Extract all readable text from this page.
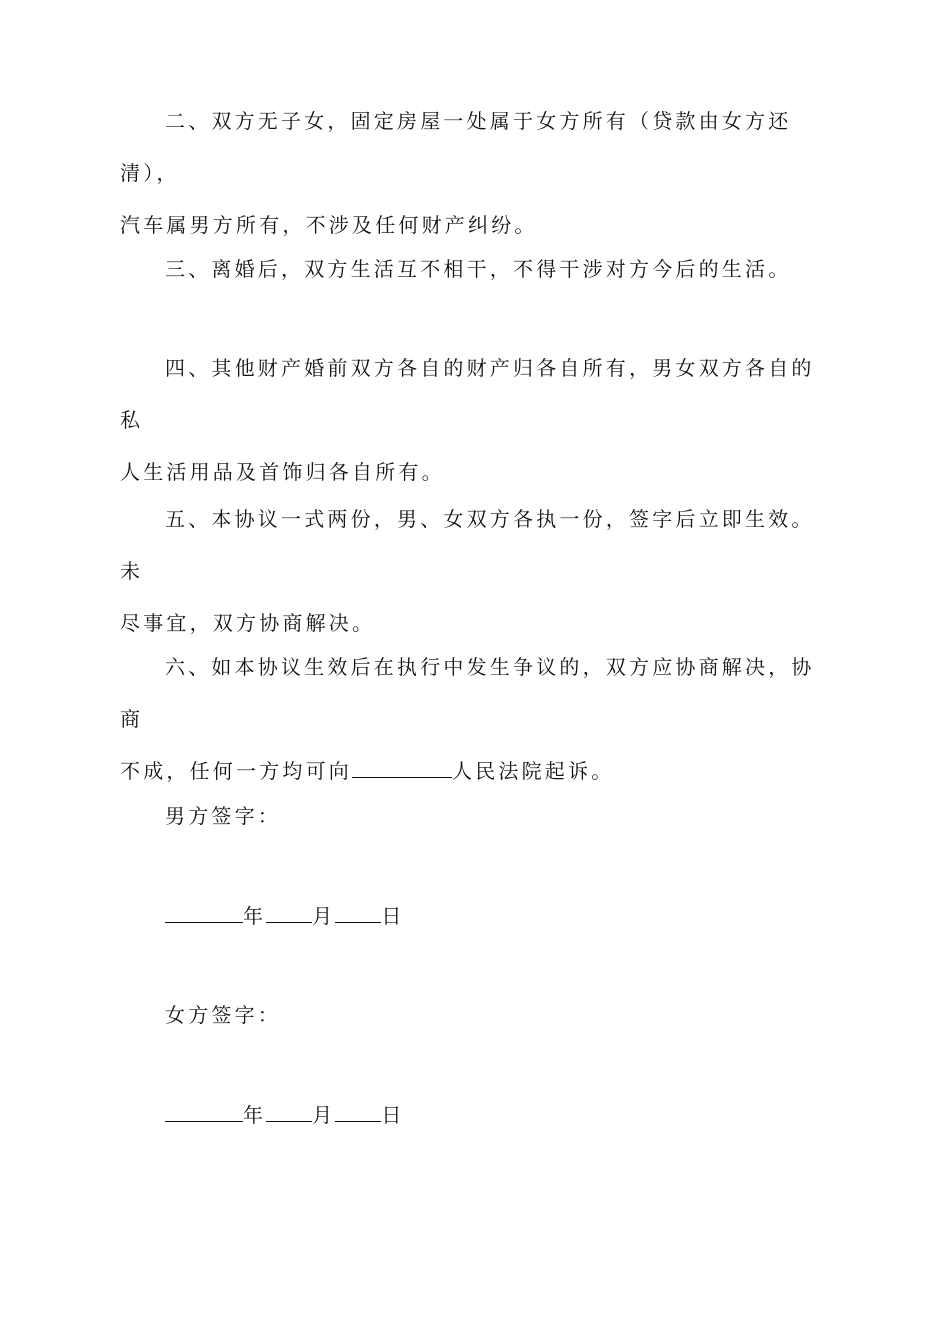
二、双方无子女，固定房屋一处属于女方所有（贷款由女方还清），
汽车属男方所有，不涉及任何财产纠纷。

三、离婚后，双方生活互不相干，不得干涉对方今后的生活。

四、其他财产婚前双方各自的财产归各自所有，男女双方各自的私
人生活用品及首饰归各自所有。

五、本协议一式两份，男、女双方各执一份，签字后立即生效。未
尽事宜，双方协商解决。

六、如本协议生效后在执行中发生争议的，双方应协商解决，协商
不成，任何一方均可向	人民法院起诉。

男方签字：

年 月 日

女方签字：

年 月 日
